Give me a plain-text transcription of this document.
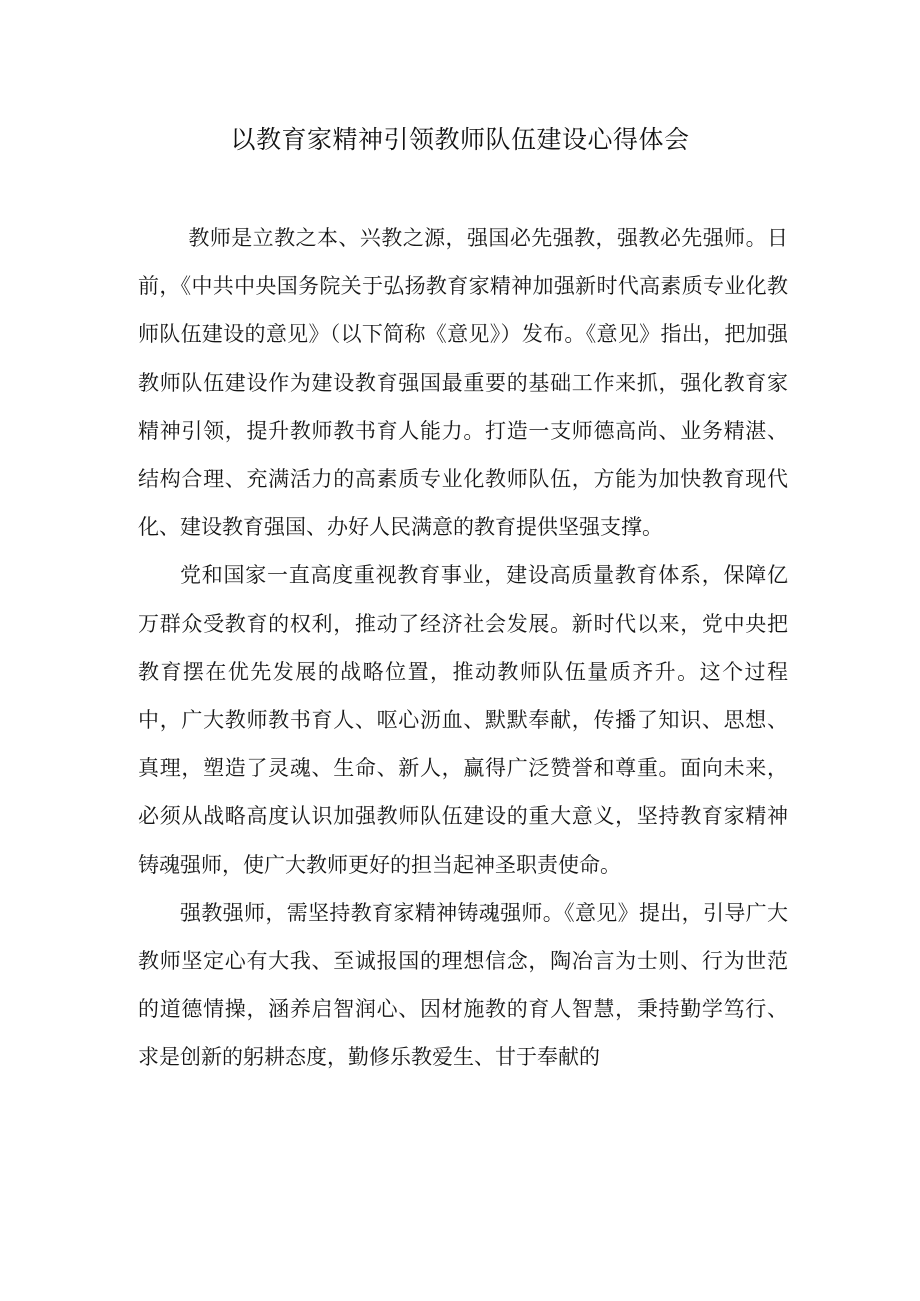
以教育家精神引领教师队伍建设心得体会

教师是立教之本、兴教之源，强国必先强教，强教必先强师。日前，《中共中央国务院关于弘扬教育家精神加强新时代高素质专业化教师队伍建设的意见》（以下简称《意见》）发布。《意见》指出，把加强教师队伍建设作为建设教育强国最重要的基础工作来抓，强化教育家精神引领，提升教师教书育人能力。打造一支师德高尚、业务精湛、结构合理、充满活力的高素质专业化教师队伍，方能为加快教育现代化、建设教育强国、办好人民满意的教育提供坚强支撑。

党和国家一直高度重视教育事业，建设高质量教育体系，保障亿万群众受教育的权利，推动了经济社会发展。新时代以来，党中央把教育摆在优先发展的战略位置，推动教师队伍量质齐升。这个过程中，广大教师教书育人、呕心沥血、默默奉献，传播了知识、思想、真理，塑造了灵魂、生命、新人，赢得广泛赞誉和尊重。面向未来，必须从战略高度认识加强教师队伍建设的重大意义，坚持教育家精神铸魂强师，使广大教师更好的担当起神圣职责使命。

强教强师，需坚持教育家精神铸魂强师。《意见》提出，引导广大教师坚定心有大我、至诚报国的理想信念，陶冶言为士则、行为世范的道德情操，涵养启智润心、因材施教的育人智慧，秉持勤学笃行、求是创新的躬耕态度，勤修乐教爱生、甘于奉献的
